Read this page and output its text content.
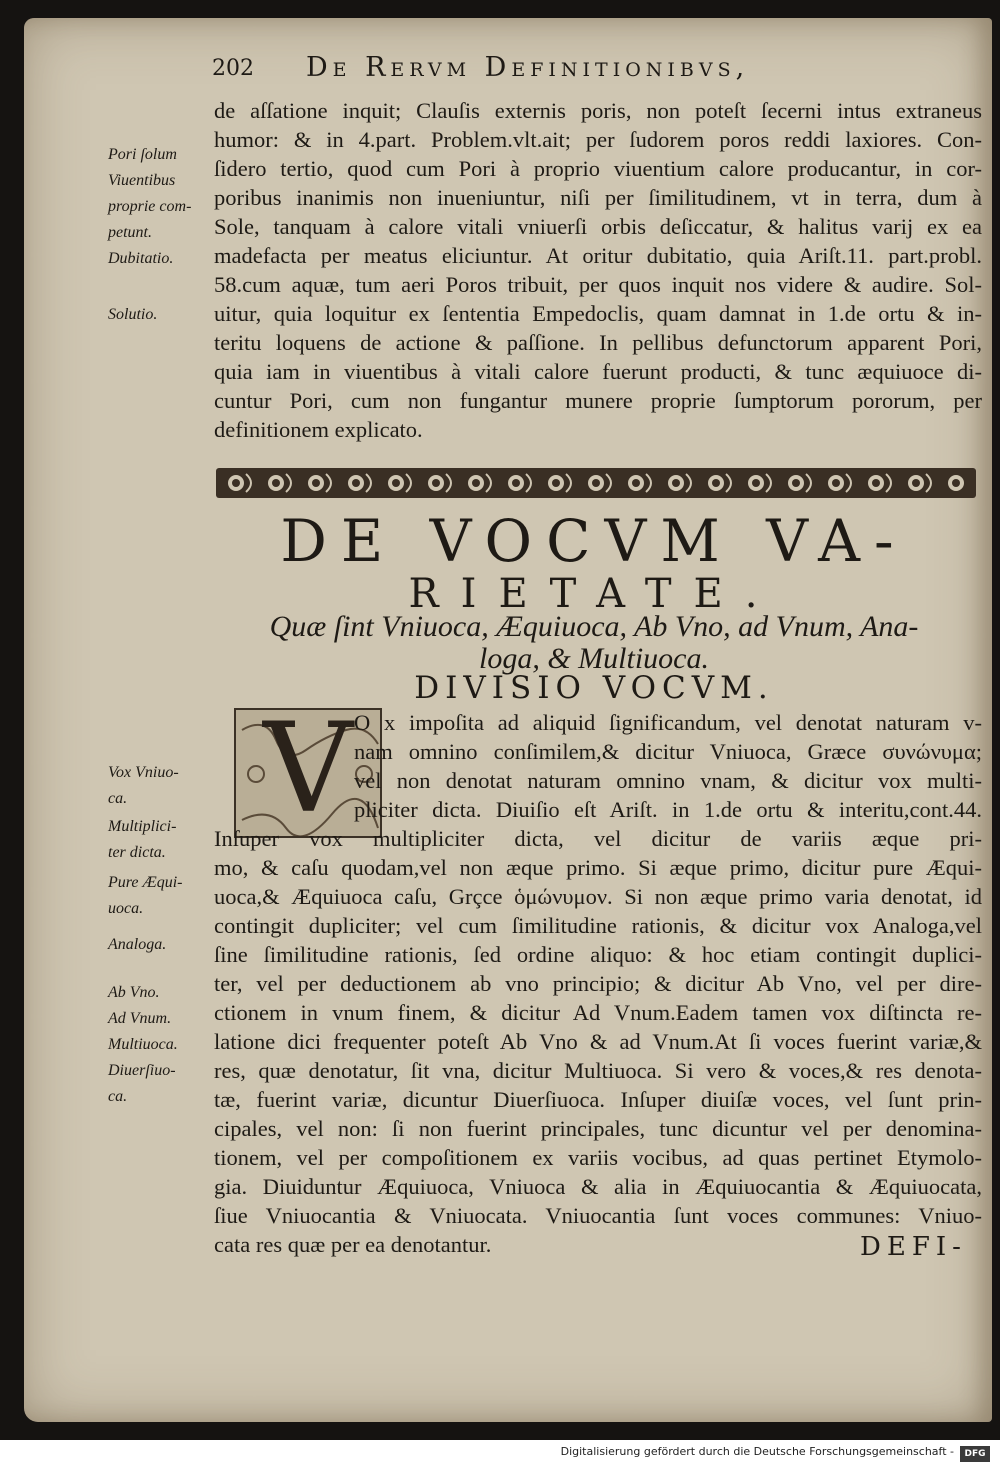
202 De Rervm Definitionibvs,
de aſſatione inquit; Clauſis externis poris, non poteſt ſecerni intus extraneus
humor: & in 4.part. Problem.vlt.ait; per ſudorem poros reddi laxiores. Con-
ſidero tertio, quod cum Pori à proprio viuentium calore producantur, in cor-
poribus inanimis non inueniuntur, niſi per ſimilitudinem, vt in terra, dum à
Sole, tanquam à calore vitali vniuerſi orbis deſiccatur, & halitus varij ex ea
madefacta per meatus eliciuntur. At oritur dubitatio, quia Ariſt.11. part.probl.
58.cum aquæ, tum aeri Poros tribuit, per quos inquit nos videre & audire. Sol-
uitur, quia loquitur ex ſententia Empedoclis, quam damnat in 1.de ortu & in-
teritu loquens de actione & paſſione. In pellibus defunctorum apparent Pori,
quia iam in viuentibus à vitali calore fuerunt producti, & tunc æquiuoce di-
cuntur Pori, cum non fungantur munere proprie ſumptorum pororum, per
definitionem explicato.
Pori ſolum
Viuentibus
proprie com-
petunt.
Dubitatio.
Solutio.
DE VOCVM VA-
RIETATE.
Quæ ſint Vniuoca, Æquiuoca, Ab Vno, ad Vnum, Ana-
loga, & Multiuoca.
DIVISIO VOCVM.
V O x impoſita ad aliquid ſignificandum, vel denotat naturam v-
nam omnino conſimilem,& dicitur Vniuoca, Græce συνώνυμα;
vel non denotat naturam omnino vnam, & dicitur vox multi-
pliciter dicta. Diuiſio eſt Ariſt. in 1.de ortu & interitu,cont.44.
Inſuper vox multipliciter dicta, vel dicitur de variis æque pri-
mo, & caſu quodam,vel non æque primo. Si æque primo, dicitur pure Æqui-
uoca,& Æquiuoca caſu, Grçce ὁμώνυμον. Si non æque primo varia denotat, id
contingit dupliciter; vel cum ſimilitudine rationis, & dicitur vox Analoga,vel
ſine ſimilitudine rationis, ſed ordine aliquo: & hoc etiam contingit duplici-
ter, vel per deductionem ab vno principio; & dicitur Ab Vno, vel per dire-
ctionem in vnum finem, & dicitur Ad Vnum.Eadem tamen vox diſtincta re-
latione dici frequenter poteſt Ab Vno & ad Vnum.At ſi voces fuerint variæ,&
res, quæ denotatur, ſit vna, dicitur Multiuoca. Si vero & voces,& res denota-
tæ, fuerint variæ, dicuntur Diuerſiuoca. Inſuper diuiſæ voces, vel ſunt prin-
cipales, vel non: ſi non fuerint principales, tunc dicuntur vel per denomina-
tionem, vel per compoſitionem ex variis vocibus, ad quas pertinet Etymolo-
gia. Diuiduntur Æquiuoca, Vniuoca & alia in Æquiuocantia & Æquiuocata,
ſiue Vniuocantia & Vniuocata. Vniuocantia ſunt voces communes: Vniuo-
cata res quæ per ea denotantur.
Vox Vniuo-
ca.
Multiplici-
ter dicta.
Pure Æqui-
uoca.
Analoga.
Ab Vno.
Ad Vnum.
Multiuoca.
Diuerſiuo-
ca.
DEFI-
Digitalisierung gefördert durch die Deutsche Forschungsgemeinschaft -	DFG
